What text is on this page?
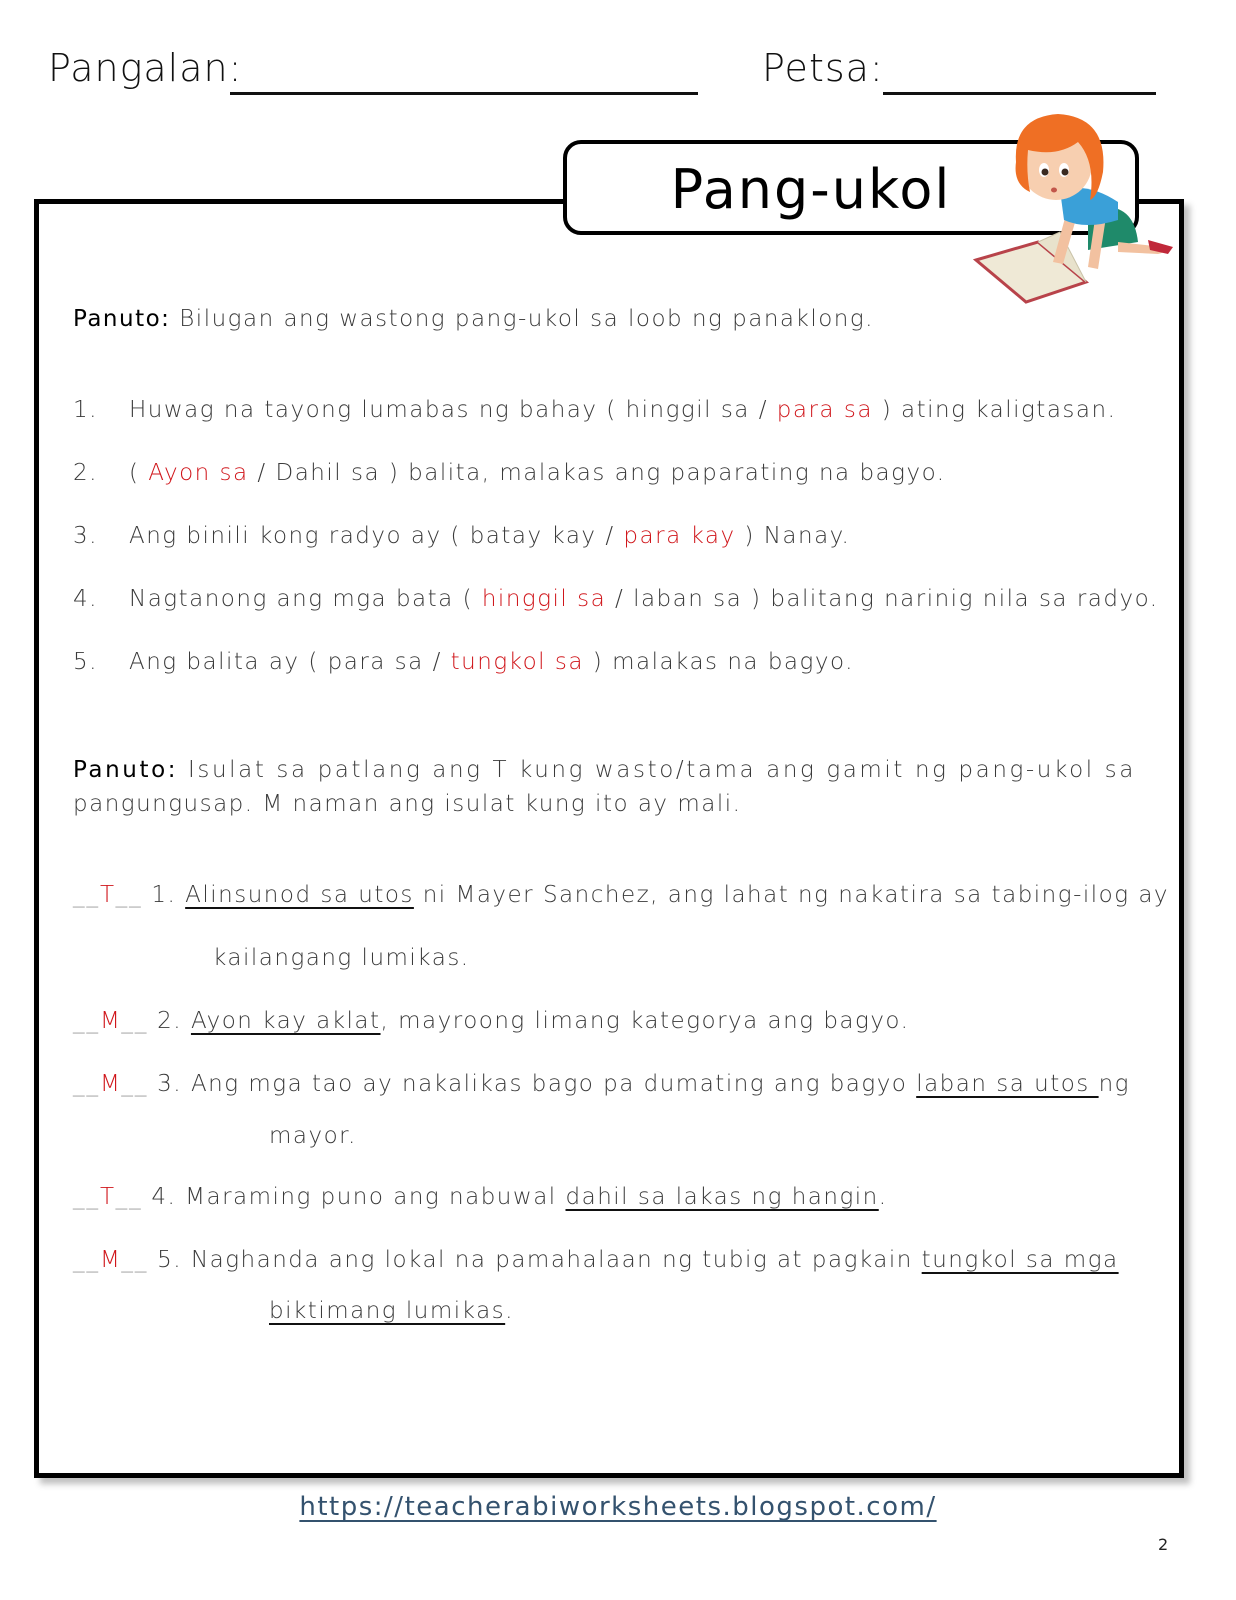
Pangalan:	Petsa:
Pang-ukol
Panuto: Bilugan ang wastong pang-ukol sa loob ng panaklong.
1. Huwag na tayong lumabas ng bahay ( hinggil sa / para sa ) ating kaligtasan.
2. ( Ayon sa / Dahil sa ) balita, malakas ang paparating na bagyo.
3. Ang binili kong radyo ay ( batay kay / para kay ) Nanay.
4. Nagtanong ang mga bata ( hinggil sa / laban sa ) balitang narinig nila sa radyo.
5. Ang balita ay ( para sa / tungkol sa ) malakas na bagyo.
Panuto: Isulat sa patlang ang T kung wasto/tama ang gamit ng pang-ukol sa
pangungusap. M naman ang isulat kung ito ay mali.
__T__ 1. Alinsunod sa utos ni Mayer Sanchez, ang lahat ng nakatira sa tabing-ilog ay
kailangang lumikas.
__M__ 2. Ayon kay aklat, mayroong limang kategorya ang bagyo.
__M__ 3. Ang mga tao ay nakalikas bago pa dumating ang bagyo laban sa utos ng
mayor.
__T__ 4. Maraming puno ang nabuwal dahil sa lakas ng hangin.
__M__ 5. Naghanda ang lokal na pamahalaan ng tubig at pagkain tungkol sa mga
biktimang lumikas.
https://teacherabiworksheets.blogspot.com/
2
